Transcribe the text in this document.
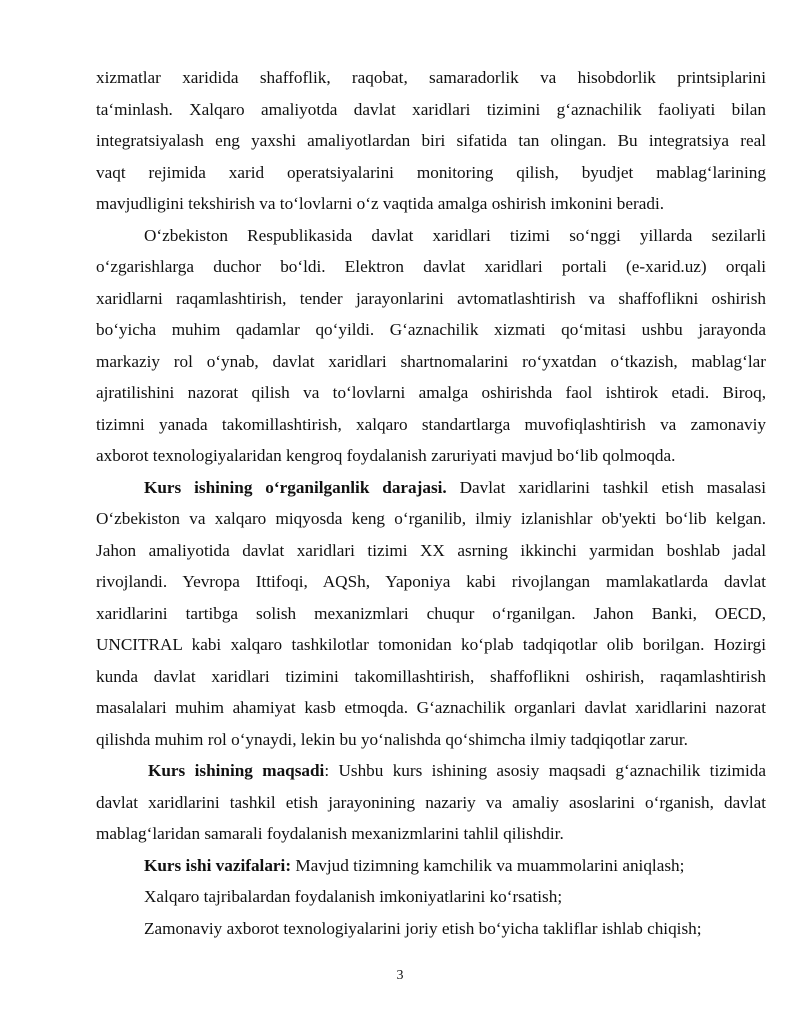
xizmatlar xaridida shaffoflik, raqobat, samaradorlik va hisobdorlik printsiplarini
ta‘minlash. Xalqaro amaliyotda davlat xaridlari tizimini g‘aznachilik faoliyati bilan
integratsiyalash eng yaxshi amaliyotlardan biri sifatida tan olingan. Bu integratsiya real
vaqt rejimida xarid operatsiyalarini monitoring qilish, byudjet mablag‘larining
mavjudligini tekshirish va to‘lovlarni o‘z vaqtida amalga oshirish imkonini beradi.
O‘zbekiston Respublikasida davlat xaridlari tizimi so‘nggi yillarda sezilarli
o‘zgarishlarga duchor bo‘ldi. Elektron davlat xaridlari portali (e-xarid.uz) orqali
xaridlarni raqamlashtirish, tender jarayonlarini avtomatlashtirish va shaffoflikni oshirish
bo‘yicha muhim qadamlar qo‘yildi. G‘aznachilik xizmati qo‘mitasi ushbu jarayonda
markaziy rol o‘ynab, davlat xaridlari shartnomalarini ro‘yxatdan o‘tkazish, mablag‘lar
ajratilishini nazorat qilish va to‘lovlarni amalga oshirishda faol ishtirok etadi. Biroq,
tizimni yanada takomillashtirish, xalqaro standartlarga muvofiqlashtirish va zamonaviy
axborot texnologiyalaridan kengroq foydalanish zaruriyati mavjud bo‘lib qolmoqda.
Kurs ishining o‘rganilganlik darajasi. Davlat xaridlarini tashkil etish masalasi
O‘zbekiston va xalqaro miqyosda keng o‘rganilib, ilmiy izlanishlar ob'yekti bo‘lib kelgan.
Jahon amaliyotida davlat xaridlari tizimi XX asrning ikkinchi yarmidan boshlab jadal
rivojlandi. Yevropa Ittifoqi, AQSh, Yaponiya kabi rivojlangan mamlakatlarda davlat
xaridlarini tartibga solish mexanizmlari chuqur o‘rganilgan. Jahon Banki, OECD,
UNCITRAL kabi xalqaro tashkilotlar tomonidan ko‘plab tadqiqotlar olib borilgan. Hozirgi
kunda davlat xaridlari tizimini takomillashtirish, shaffoflikni oshirish, raqamlashtirish
masalalari muhim ahamiyat kasb etmoqda. G‘aznachilik organlari davlat xaridlarini nazorat
qilishda muhim rol o‘ynaydi, lekin bu yo‘nalishda qo‘shimcha ilmiy tadqiqotlar zarur.
Kurs ishining maqsadi: Ushbu kurs ishining asosiy maqsadi g‘aznachilik tizimida
davlat xaridlarini tashkil etish jarayonining nazariy va amaliy asoslarini o‘rganish, davlat
mablag‘laridan samarali foydalanish mexanizmlarini tahlil qilishdir.
Kurs ishi vazifalari: Mavjud tizimning kamchilik va muammolarini aniqlash;
Xalqaro tajribalardan foydalanish imkoniyatlarini ko‘rsatish;
Zamonaviy axborot texnologiyalarini joriy etish bo‘yicha takliflar ishlab chiqish;
3
